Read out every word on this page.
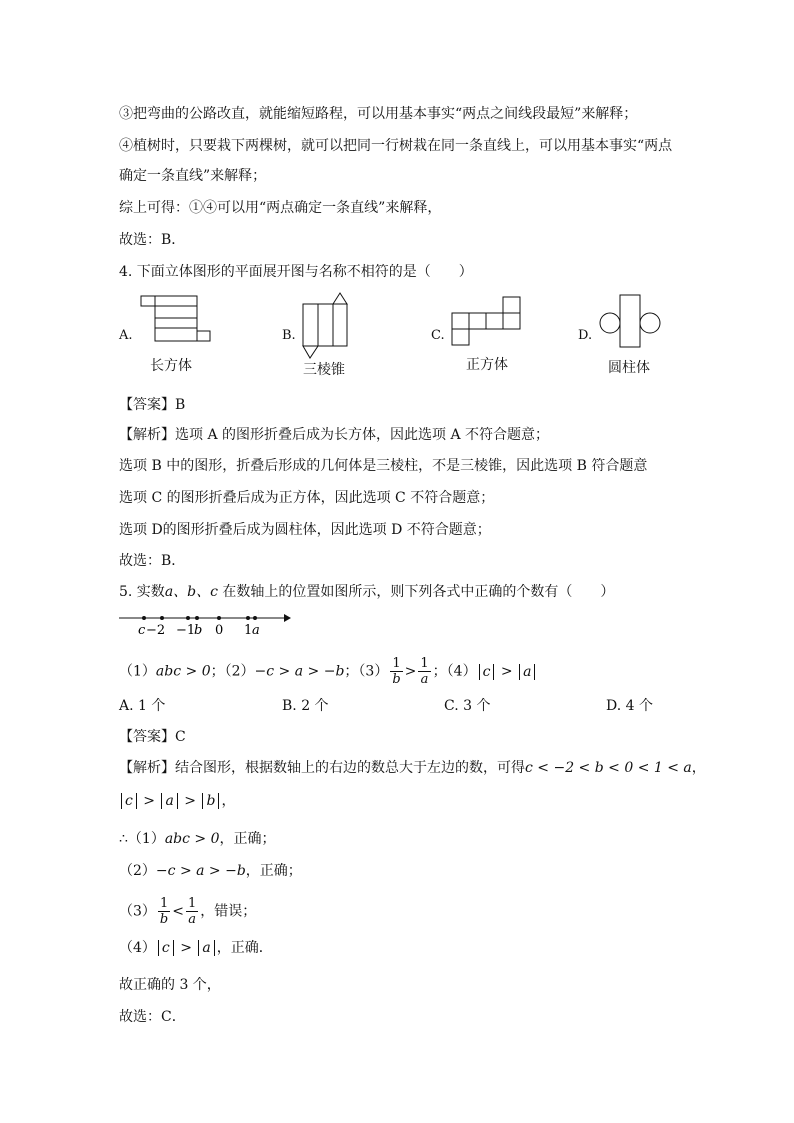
③把弯曲的公路改直，就能缩短路程，可以用基本事实“两点之间线段最短”来解释；
④植树时，只要栽下两棵树，就可以把同一行树栽在同一条直线上，可以用基本事实“两点
确定一条直线”来解释；
综上可得：①④可以用“两点确定一条直线”来解释，
故选：B．
4. 下面立体图形的平面展开图与名称不相符的是（　　）
A.
长方体
B.
三棱锥
C.
正方体
D.
圆柱体
【答案】B
【解析】选项 A 的图形折叠后成为长方体，因此选项 A 不符合题意；
选项 B 中的图形，折叠后形成的几何体是三棱柱，不是三棱锥，因此选项 B 符合题意
选项 C 的图形折叠后成为正方体，因此选项 C 不符合题意；
选项 D的图形折叠后成为圆柱体，因此选项 D 不符合题意；
故选：B．
5. 实数a、b、c 在数轴上的位置如图所示，则下列各式中正确的个数有（　　）
c −2 −1
b 0 1 a
（1）abc > 0；（2）−c > a > −b；$(3) \frac{1}{b} > \frac{1}{a}$ ；（4） c > a
A. 1 个	B. 2 个	C. 3 个	D. 4 个
【答案】C
【解析】结合图形，根据数轴上的右边的数总大于左边的数，可得c < −2 < b < 0 < 1 < a，
c > a > b ，
∴（1）abc > 0，正确；
（2）−c > a > −b，正确；
$(3) \frac{1}{b} < \frac{1}{a}$ ，错误；
（4） c > a ，正确．
故正确的 3 个，
故选：C．
